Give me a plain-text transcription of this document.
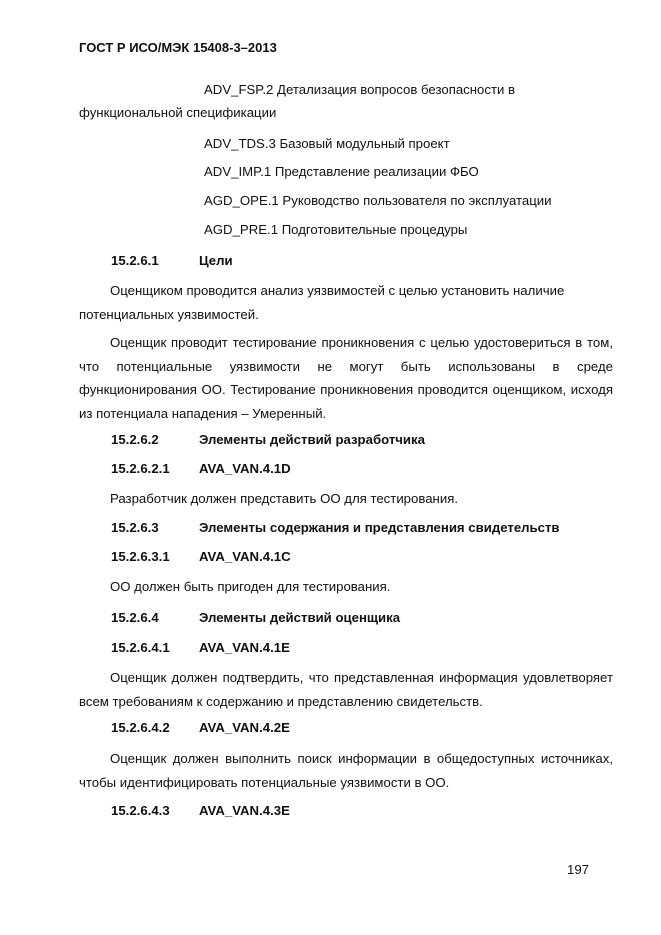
ГОСТ Р ИСО/МЭК 15408-3–2013
ADV_FSP.2 Детализация вопросов безопасности в
функциональной спецификации
ADV_TDS.3 Базовый модульный проект
ADV_IMP.1 Представление реализации ФБО
AGD_OPE.1 Руководство пользователя по эксплуатации
AGD_PRE.1 Подготовительные процедуры
15.2.6.1	Цели

Оценщиком проводится анализ уязвимостей с целью установить наличие потенциальных уязвимостей.

Оценщик проводит тестирование проникновения с целью удостовериться в том, что потенциальные уязвимости не могут быть использованы в среде функционирования ОО. Тестирование проникновения проводится оценщиком, исходя из потенциала нападения – Умеренный.

15.2.6.2	Элементы действий разработчика
15.2.6.2.1 AVA_VAN.4.1D

Разработчик должен представить ОО для тестирования.

15.2.6.3	Элементы содержания и представления свидетельств
15.2.6.3.1 AVA_VAN.4.1C

ОО должен быть пригоден для тестирования.

15.2.6.4	Элементы действий оценщика
15.2.6.4.1 AVA_VAN.4.1E

Оценщик должен подтвердить, что представленная информация удовлетворяет всем требованиям к содержанию и представлению свидетельств.

15.2.6.4.2 AVA_VAN.4.2E

Оценщик должен выполнить поиск информации в общедоступных источниках, чтобы идентифицировать потенциальные уязвимости в ОО.

15.2.6.4.3 AVA_VAN.4.3E
197
